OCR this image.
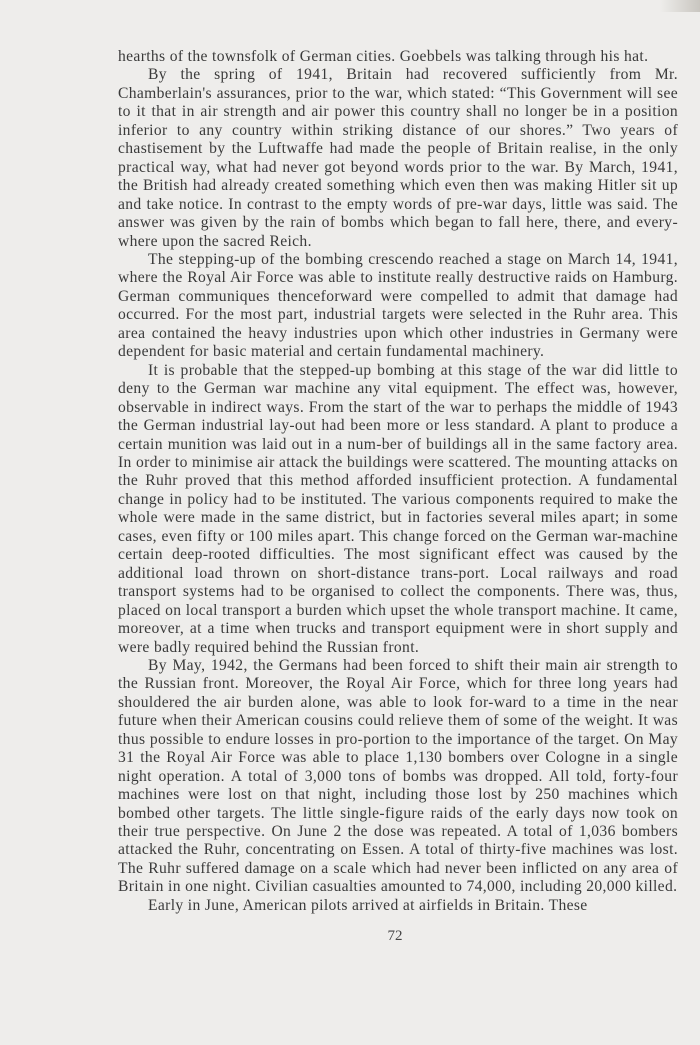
hearths of the townsfolk of German cities. Goebbels was talking through his hat.

By the spring of 1941, Britain had recovered sufficiently from Mr. Chamberlain's assurances, prior to the war, which stated: “This Government will see to it that in air strength and air power this country shall no longer be in a position inferior to any country within striking distance of our shores.” Two years of chastisement by the Luftwaffe had made the people of Britain realise, in the only practical way, what had never got beyond words prior to the war. By March, 1941, the British had already created something which even then was making Hitler sit up and take notice. In contrast to the empty words of pre-war days, little was said. The answer was given by the rain of bombs which began to fall here, there, and every-where upon the sacred Reich.

The stepping-up of the bombing crescendo reached a stage on March 14, 1941, where the Royal Air Force was able to institute really destructive raids on Hamburg. German communiques thenceforward were compelled to admit that damage had occurred. For the most part, industrial targets were selected in the Ruhr area. This area contained the heavy industries upon which other industries in Germany were dependent for basic material and certain fundamental machinery.

It is probable that the stepped-up bombing at this stage of the war did little to deny to the German war machine any vital equipment. The effect was, however, observable in indirect ways. From the start of the war to perhaps the middle of 1943 the German industrial lay-out had been more or less standard. A plant to produce a certain munition was laid out in a num-ber of buildings all in the same factory area. In order to minimise air attack the buildings were scattered. The mounting attacks on the Ruhr proved that this method afforded insufficient protection. A fundamental change in policy had to be instituted. The various components required to make the whole were made in the same district, but in factories several miles apart; in some cases, even fifty or 100 miles apart. This change forced on the German war-machine certain deep-rooted difficulties. The most significant effect was caused by the additional load thrown on short-distance trans-port. Local railways and road transport systems had to be organised to collect the components. There was, thus, placed on local transport a burden which upset the whole transport machine. It came, moreover, at a time when trucks and transport equipment were in short supply and were badly required behind the Russian front.

By May, 1942, the Germans had been forced to shift their main air strength to the Russian front. Moreover, the Royal Air Force, which for three long years had shouldered the air burden alone, was able to look for-ward to a time in the near future when their American cousins could relieve them of some of the weight. It was thus possible to endure losses in pro-portion to the importance of the target. On May 31 the Royal Air Force was able to place 1,130 bombers over Cologne in a single night operation. A total of 3,000 tons of bombs was dropped. All told, forty-four machines were lost on that night, including those lost by 250 machines which bombed other targets. The little single-figure raids of the early days now took on their true perspective. On June 2 the dose was repeated. A total of 1,036 bombers attacked the Ruhr, concentrating on Essen. A total of thirty-five machines was lost. The Ruhr suffered damage on a scale which had never been inflicted on any area of Britain in one night. Civilian casualties amounted to 74,000, including 20,000 killed.

Early in June, American pilots arrived at airfields in Britain. These

72
